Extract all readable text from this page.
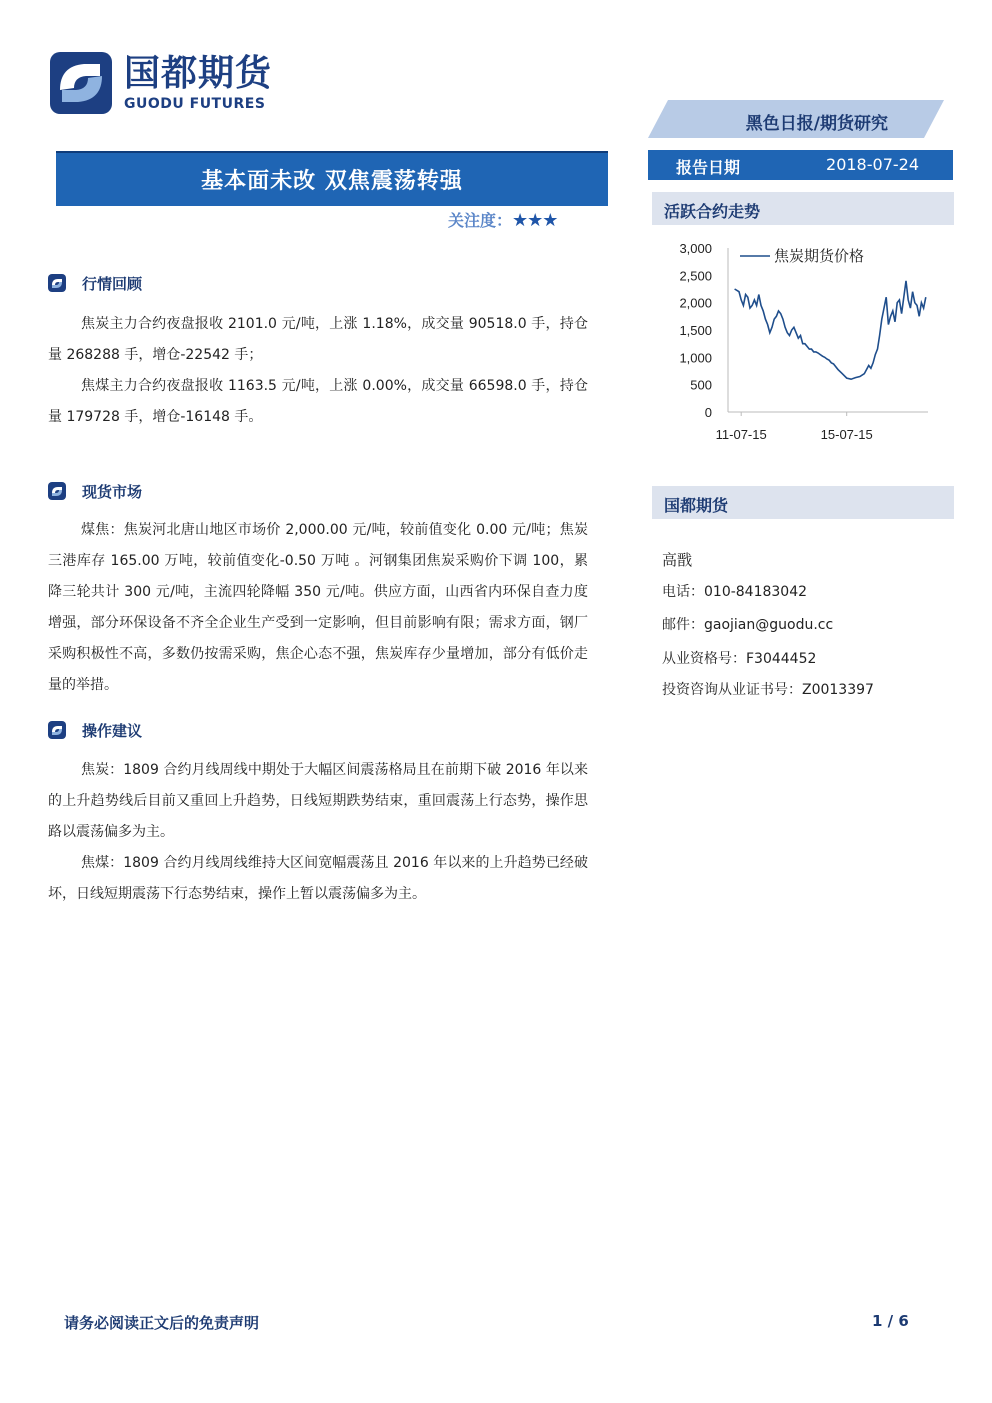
国都期货
GUODU FUTURES
黑色日报/期货研究
基本面未改 双焦震荡转强
报告日期	2018-07-24
关注度：★★★
行情回顾
焦炭主力合约夜盘报收 2101.0 元/吨，上涨 1.18%，成交量 90518.0 手，持仓量 268288 手，增仓-22542 手；
焦煤主力合约夜盘报收 1163.5 元/吨，上涨 0.00%，成交量 66598.0 手，持仓量 179728 手，增仓-16148 手。
现货市场
煤焦：焦炭河北唐山地区市场价 2,000.00 元/吨，较前值变化 0.00 元/吨；焦炭三港库存 165.00 万吨，较前值变化-0.50 万吨 。河钢集团焦炭采购价下调 100，累降三轮共计 300 元/吨，主流四轮降幅 350 元/吨。供应方面，山西省内环保自查力度增强，部分环保设备不齐全企业生产受到一定影响，但目前影响有限；需求方面，钢厂采购积极性不高，多数仍按需采购，焦企心态不强，焦炭库存少量增加，部分有低价走量的举措。
操作建议
焦炭：1809 合约月线周线中期处于大幅区间震荡格局且在前期下破 2016 年以来的上升趋势线后目前又重回上升趋势，日线短期跌势结束，重回震荡上行态势，操作思路以震荡偏多为主。
焦煤：1809 合约月线周线维持大区间宽幅震荡且 2016 年以来的上升趋势已经破坏，日线短期震荡下行态势结束，操作上暂以震荡偏多为主。
活跃合约走势
3,000
2,500
2,000
1,500
1,000
500
0
11-07-15	15-07-15
焦炭期货价格
国都期货
高戬
电话：010-84183042
邮件：gaojian@guodu.cc
从业资格号：F3044452
投资咨询从业证书号：Z0013397
请务必阅读正文后的免责声明	1 / 6
